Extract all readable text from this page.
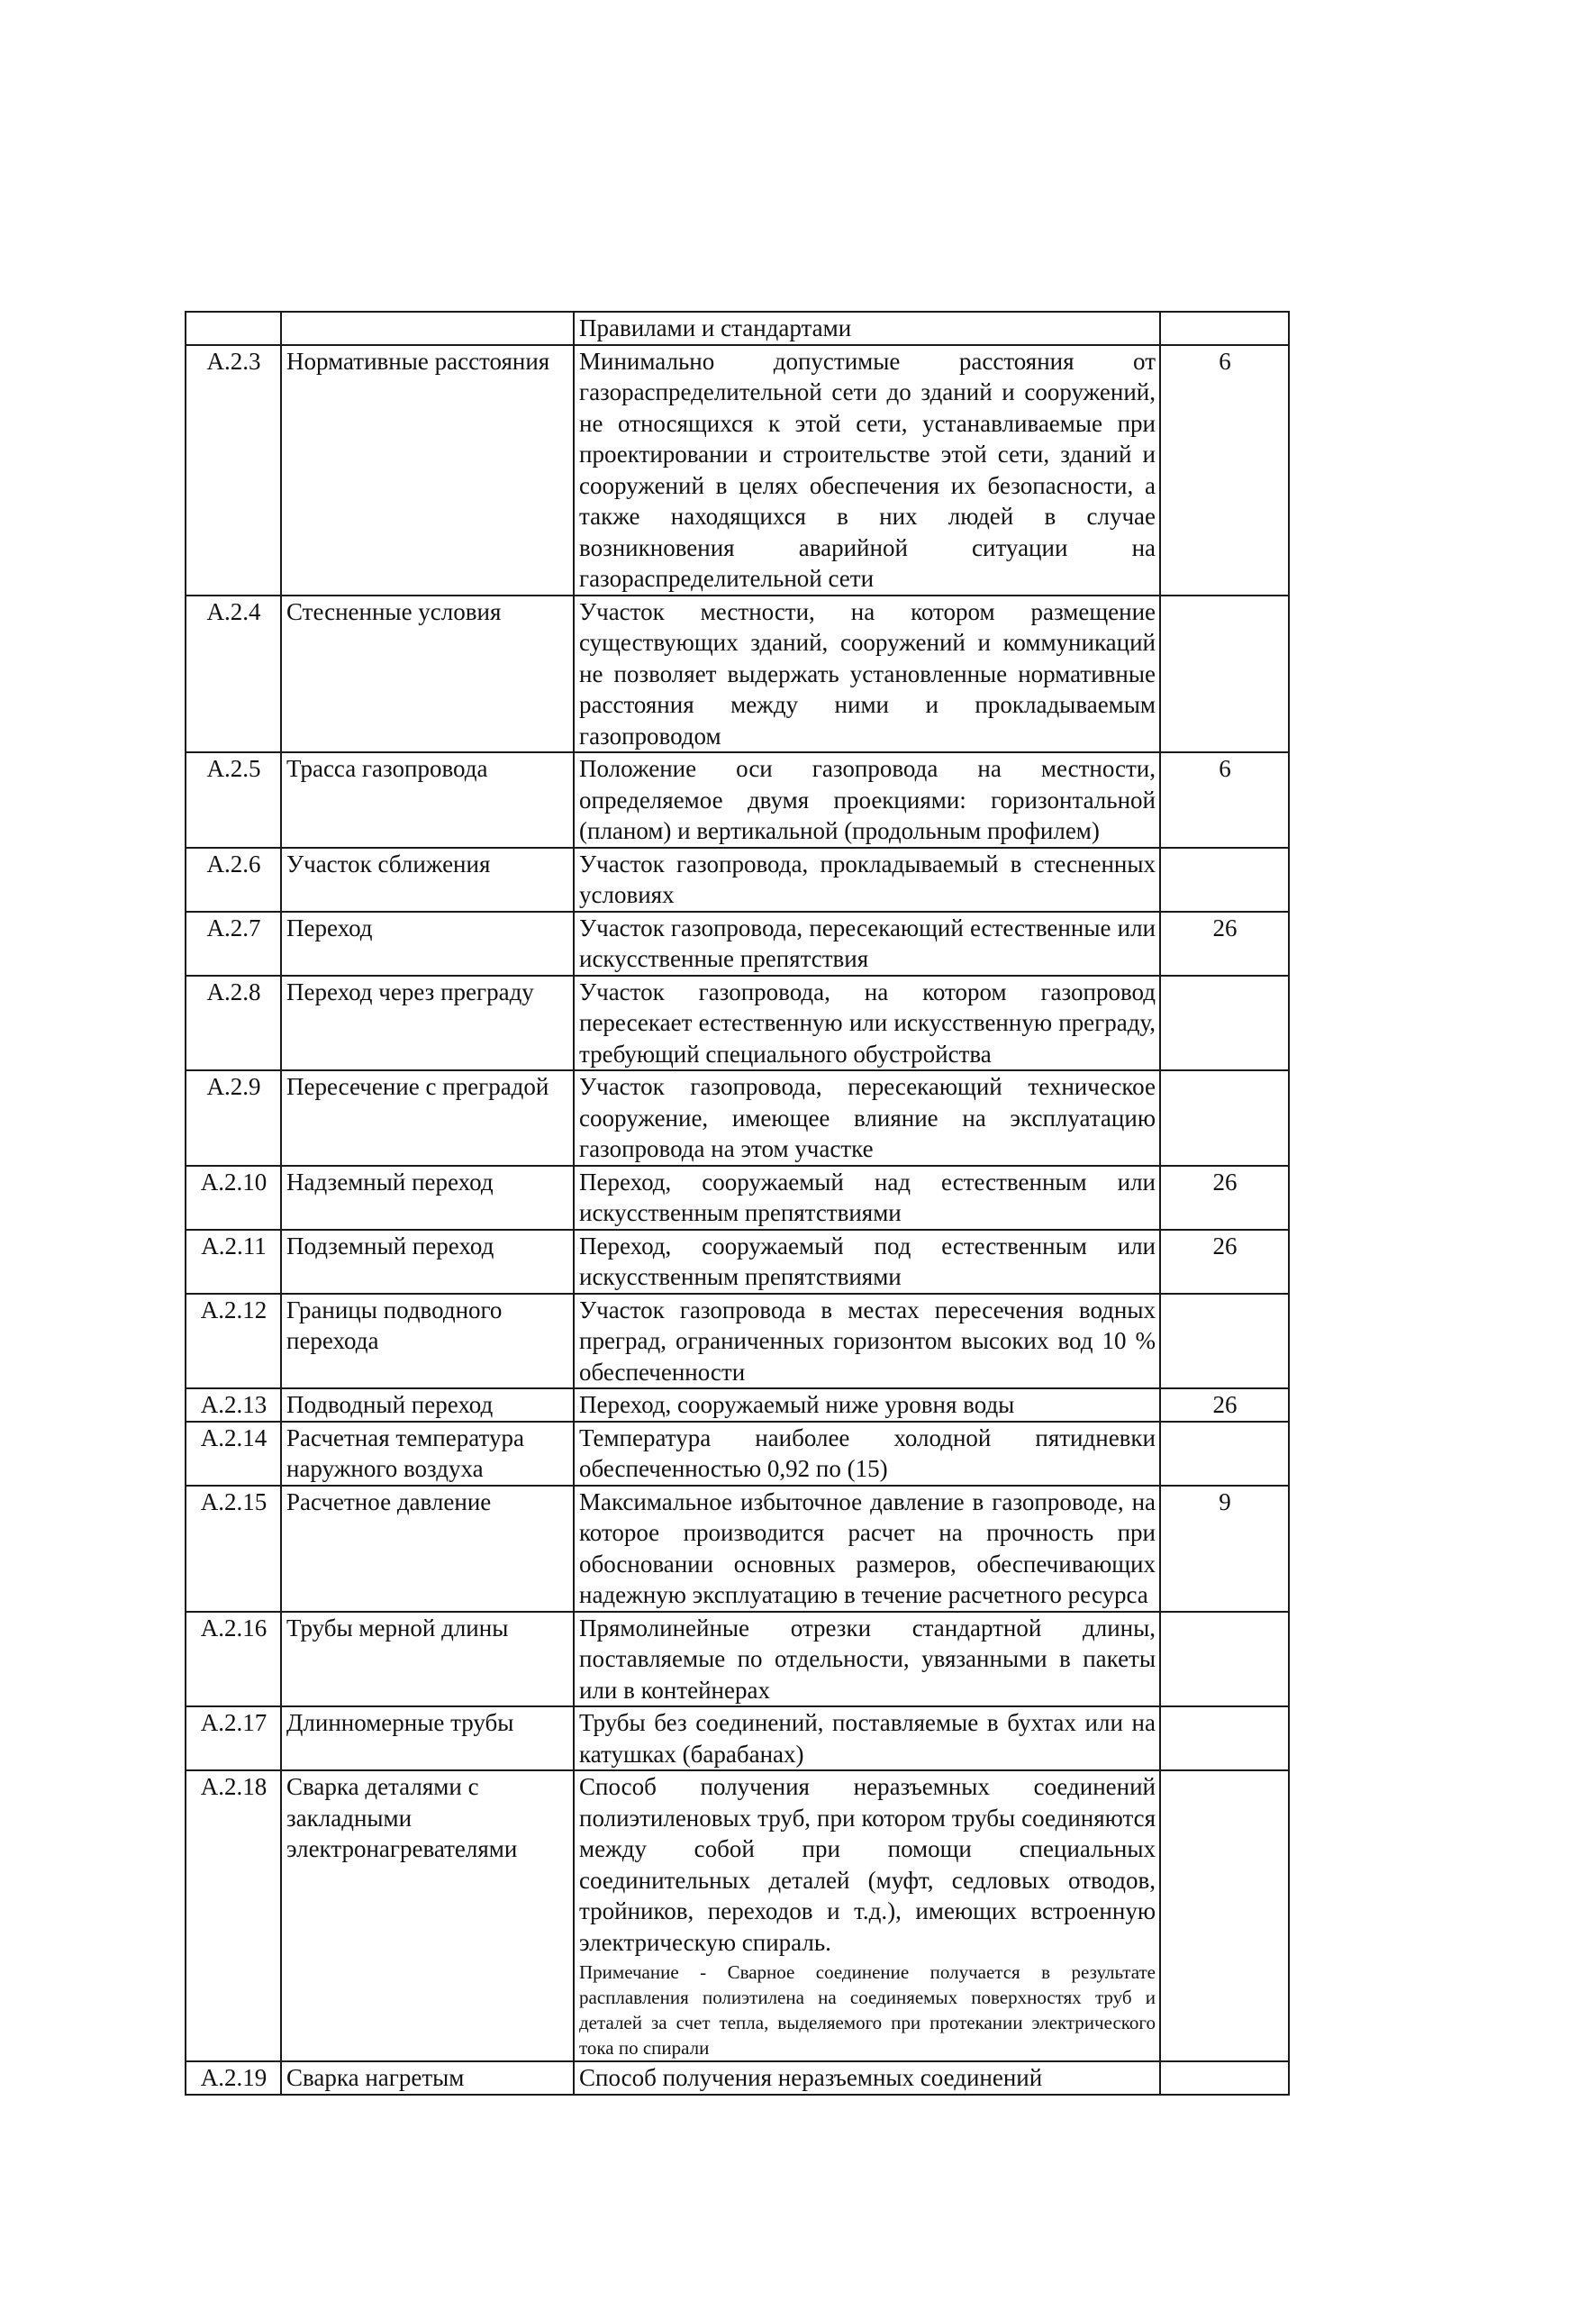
		Правилами и стандартами	

А.2.3	Нормативные расстояния	Минимально допустимые расстояния от газораспределительной сети до зданий и сооружений, не относящихся к этой сети, устанавливаемые при проектировании и строительстве этой сети, зданий и сооружений в целях обеспечения их безопасности, а также находящихся в них людей в случае возникновения аварийной ситуации на газораспределительной сети	6
А.2.4	Стесненные условия	Участок местности, на котором размещение существующих зданий, сооружений и коммуникаций не позволяет выдержать установленные нормативные расстояния между ними и прокладываемым газопроводом	

А.2.5	Трасса газопровода	Положение оси газопровода на местности, определяемое двумя проекциями: горизонтальной (планом) и вертикальной (продольным профилем)	6
А.2.6	Участок сближения	Участок газопровода, прокладываемый в стесненных условиях	

А.2.7	Переход	Участок газопровода, пересекающий естественные или искусственные препятствия	26
А.2.8	Переход через преграду	Участок газопровода, на котором газопровод пересекает естественную или искусственную преграду, требующий специального обустройства	

А.2.9	Пересечение с преградой	Участок газопровода, пересекающий техническое сооружение, имеющее влияние на эксплуатацию газопровода на этом участке	

А.2.10	Надземный переход	Переход, сооружаемый над естественным или искусственным препятствиями	26
А.2.11	Подземный переход	Переход, сооружаемый под естественным или искусственным препятствиями	26
А.2.12	Границы подводного перехода	Участок газопровода в местах пересечения водных преград, ограниченных горизонтом высоких вод 10 % обеспеченности	

А.2.13	Подводный переход	Переход, сооружаемый ниже уровня воды	26
А.2.14	Расчетная температура наружного воздуха	Температура наиболее холодной пятидневки обеспеченностью 0,92 по (15)	

А.2.15	Расчетное давление	Максимальное избыточное давление в газопроводе, на которое производится расчет на прочность при обосновании основных размеров, обеспечивающих надежную эксплуатацию в течение расчетного ресурса	9
А.2.16	Трубы мерной длины	Прямолинейные отрезки стандартной длины, поставляемые по отдельности, увязанными в пакеты или в контейнерах	

А.2.17	Длинномерные трубы	Трубы без соединений, поставляемые в бухтах или на катушках (барабанах)	

А.2.18	Сварка деталями с закладными электронагревателями	Способ получения неразъемных соединений полиэтиленовых труб, при котором трубы соединяются между собой при помощи специальных соединительных деталей (муфт, седловых отводов, тройников, переходов и т.д.), имеющих встроенную электрическую спираль.
Примечание - Сварное соединение получается в результате расплавления полиэтилена на соединяемых поверхностях труб и деталей за счет тепла, выделяемого при протекании электрического тока по спирали	

А.2.19	Сварка нагретым	Способ получения неразъемных соединений	
